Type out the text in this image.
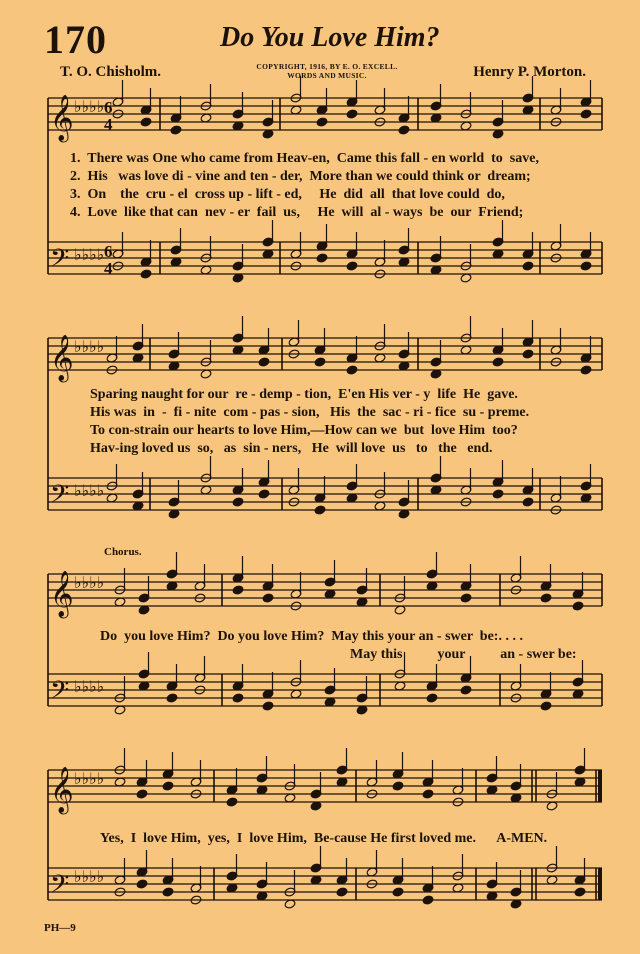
170	Do You Love Him?
T. O. Chisholm.	COPYRIGHT, 1916, BY E. O. EXCELL.
WORDS AND MUSIC.	Henry P. Morton.
𝄞
𝄢
𝄞
𝄢
𝄞
𝄢
𝄞
𝄢
♭♭♭♭
♭♭♭♭
♭♭♭♭
♭♭♭♭
♭♭♭♭
♭♭♭♭
♭♭♭♭
♭♭♭♭
6
4
6
4
1.  There was One who came from Heav-en,  Came this fall - en world  to  save,
2.  His   was love di - vine and ten - der,  More than we could think or  dream;
3.  On    the  cru - el  cross up - lift - ed,     He  did  all  that love could  do,
4.  Love  like that can  nev - er  fail  us,     He  will  al - ways  be  our  Friend;
Sparing naught for our  re - demp - tion,  E'en His ver - y  life  He  gave.
His was  in  -  fi - nite  com - pas - sion,   His  the  sac - ri - fice  su - preme.
To con-strain our hearts to love Him,—How can we  but  love Him  too?
Hav-ing loved us  so,   as  sin - ners,   He  will love  us   to   the   end.
Chorus.
Do  you love Him?  Do you love Him?  May this your an - swer  be:. . . .
May this          your          an - swer be:
Yes,  I  love Him,  yes,  I  love Him,  Be-cause He first loved me.      A-MEN.
PH—9
